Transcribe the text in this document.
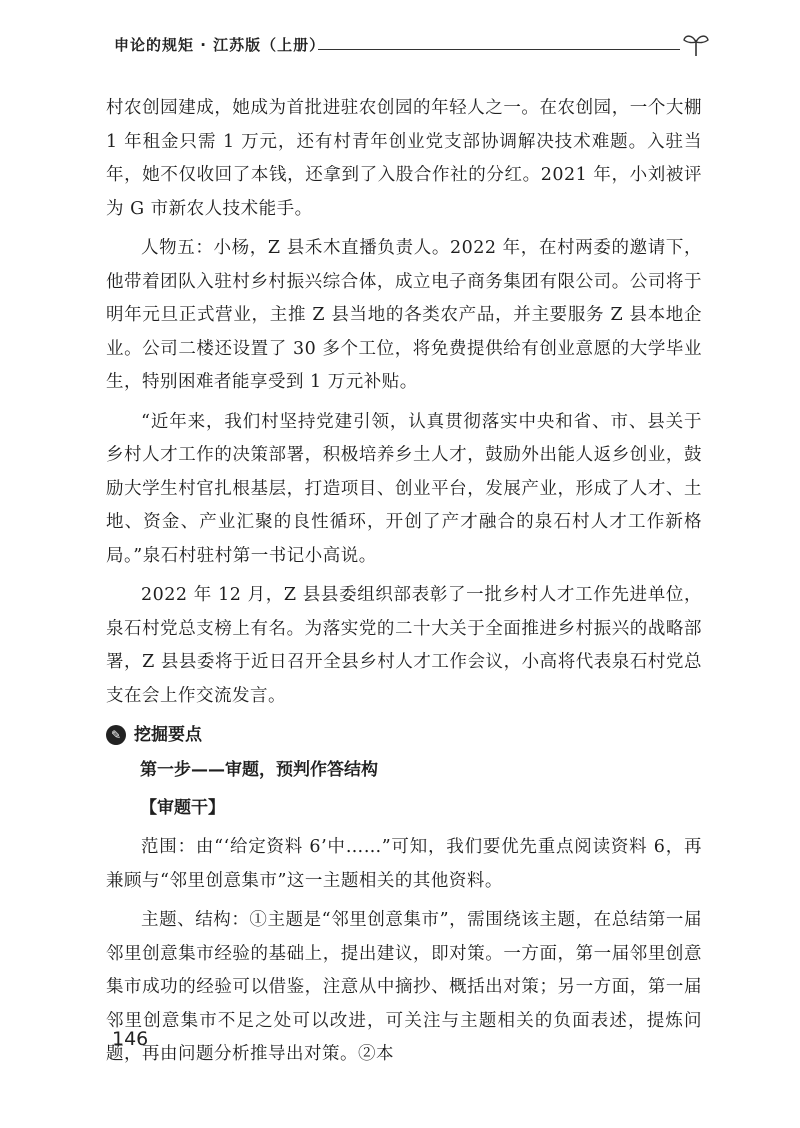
申论的规矩 · 江苏版（上册）

村农创园建成，她成为首批进驻农创园的年轻人之一。在农创园，一个大棚 1 年租金只需 1 万元，还有村青年创业党支部协调解决技术难题。入驻当年，她不仅收回了本钱，还拿到了入股合作社的分红。2021 年，小刘被评为 G 市新农人技术能手。

人物五：小杨，Z 县禾木直播负责人。2022 年，在村两委的邀请下，他带着团队入驻村乡村振兴综合体，成立电子商务集团有限公司。公司将于明年元旦正式营业，主推 Z 县当地的各类农产品，并主要服务 Z 县本地企业。公司二楼还设置了 30 多个工位，将免费提供给有创业意愿的大学毕业生，特别困难者能享受到 1 万元补贴。

“近年来，我们村坚持党建引领，认真贯彻落实中央和省、市、县关于乡村人才工作的决策部署，积极培养乡土人才，鼓励外出能人返乡创业，鼓励大学生村官扎根基层，打造项目、创业平台，发展产业，形成了人才、土地、资金、产业汇聚的良性循环，开创了产才融合的泉石村人才工作新格局。”泉石村驻村第一书记小高说。

2022 年 12 月，Z 县县委组织部表彰了一批乡村人才工作先进单位，泉石村党总支榜上有名。为落实党的二十大关于全面推进乡村振兴的战略部署，Z 县县委将于近日召开全县乡村人才工作会议，小高将代表泉石村党总支在会上作交流发言。

✎ 挖掘要点
第一步——审题，预判作答结构
【审题干】

范围：由“‘给定资料 6’中……”可知，我们要优先重点阅读资料 6，再兼顾与“邻里创意集市”这一主题相关的其他资料。

主题、结构：①主题是“邻里创意集市”，需围绕该主题，在总结第一届邻里创意集市经验的基础上，提出建议，即对策。一方面，第一届邻里创意集市成功的经验可以借鉴，注意从中摘抄、概括出对策；另一方面，第一届邻里创意集市不足之处可以改进，可关注与主题相关的负面表述，提炼问题，再由问题分析推导出对策。②本

146
